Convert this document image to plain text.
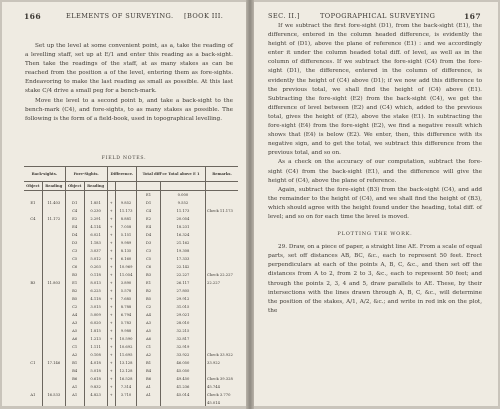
166	ELEMENTS OF SURVEYING. [BOOK III.

Set up the level at some convenient point, as a, take the reading of a levelling staff, set up at E/1 and enter this reading as a back-sight. Then take the readings of the staff, at as many stakes as can be reached from the position a of the level, entering them as fore-sights. Endeavoring to make the last reading as small as possible. At this last stake C/4 drive a small peg for a bench-mark.

Move the level to a second point b, and take a back-sight to the bench-mark (C4), and fore-sights, to as many stakes as possible. The following is the form of a field-book, used in topographical levelling.

FIELD NOTES.
Back-sights.		Fore-Sights.		Difference.		Total diff'ce Total above E 1		Remarks.
Object	Reading	Object	Reading					
						E1	0.000	
E1	11.403	D1	1.851	+	9.852	D1	9.552	
		C4	0.230	+	11.173	C4	11.173	Check 11.173
C4	11.172	E2	2.291	+	8.881	E2	20.054	
		E4	4.114	+	7.058	E4	18.231	
		D4	6.021	+	5.151	D4	16.324	
		D3	1.183	+	9.989	D3	21.162	
		C3	3.037	+	8.135	C3	19.308	
		C5	5.012	+	6.160	C5	17.333	
		C6	0.203	+	10.969	C6	22.142	
		B3	0.118	+	11.054	B3	22.227	Check 22.227
B3	11.803	E1	8.013	+	3.890	E1	26.117	22.227
		B2	6.225	+	5.578	B2	27.805	
		B5	4.118	+	7.685	B5	29.912	
		C2	3.015	+	8.788	C2	31.015	
		A4	5.009	+	6.794	A4	29.021	
		A3	6.020	+	5.783	A3	28.010	
		A5	1.815	+	9.988	A5	32.215	
		A6	1.213	+	10.590	A6	32.817	
		C1	1.111	+	10.692	C1	32.919	
		A2	0.108	+	11.695	A2	33.922	Check 33.922
C1	17.146	B1	4.018	+	13.128	B1	46.050	33.922
		B4	5.018	+	12.128	B4	45.050	
		B6	0.618	+	16.528	B6	49.450	Check 39.328
		A1	9.832	+	7.314	A1	41.236	45.744
A1	16.533	A1	4.823	+	3.710	A1	45.014	Check 3.770
								45.014
SEC. II.]	TOPOGRAPHICAL SURVEYING	167

If we subtract the first fore-sight (D1), from the back-sight (E1), the difference, entered in the column headed difference, is evidently the height of (D1), above the plane of reference (E1) : and we accordingly enter it under the column headed total diff. of level, as well as in the column of differences. If we subtract the fore-sight (C4) from the fore-sight (D1), the difference, entered in the column of difference, is evidently the height of (C4) above (D1); if we now add this difference to the previous total, we shall find the height of (C4) above (E1). Subtracting the fore-sight (E2) from the back-sight (C4), we get the difference of level between (E2) and (C4) which, added to the previous total, gives the height of (E2), above the stake (E1). In subtracting the fore-sight (E4) from the fore-sight (E2), we find a negative result which shows that (E4) is below (E2). We enter, then, this difference with its negative sign, and to get the total, we subtract this difference from the previous total, and so on.

As a check on the accuracy of our computation, subtract the fore-sight (C4) from the back-sight (E1), and the difference will give the height of (C4), above the plane of reference.

Again, subtract the fore-sight (B3) from the back-sight (C4), and add the remainder to the height of (C4), and we shall find the height of (B3), which should agree with the height found under the heading, total diff. of level; and so on for each time the level is moved.

PLOTTING THE WORK.

29. Draw, on a piece of paper, a straight line AE. From a scale of equal parts, set off distances AB, BC, &c., each to represent 50 feet. Erect perpendiculars at each of the points A, B, C, &c., and then set off the distances from A to 2, from 2 to 3, &c., each to represent 50 feet; and through the points 2, 3, 4 and 5, draw parallels to AE. These, by their intersections with the lines drawn through A, B, C, &c., will determine the position of the stakes, A/1, A/2, &c.; and write in red ink on the plot, the
